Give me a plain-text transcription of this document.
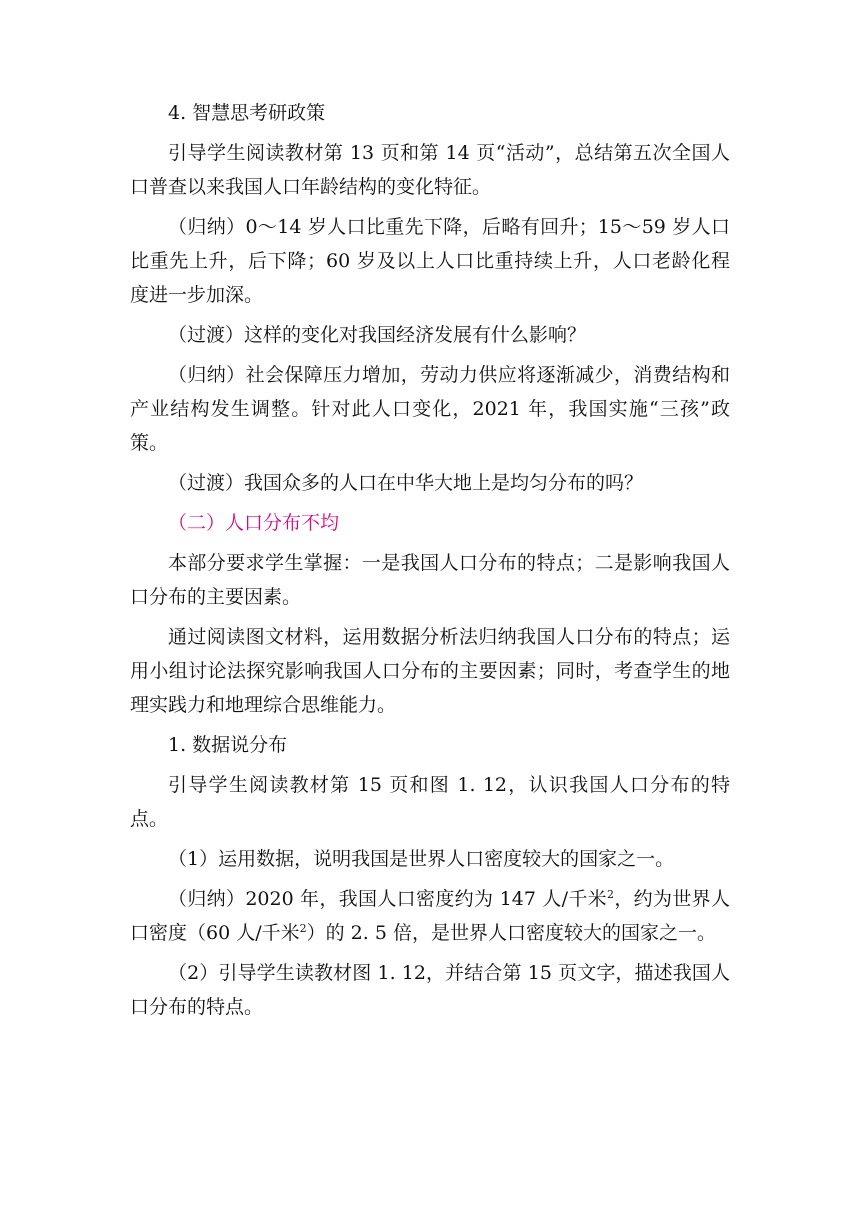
4. 智慧思考研政策

引导学生阅读教材第 13 页和第 14 页“活动”，总结第五次全国人口普查以来我国人口年龄结构的变化特征。

（归纳）0～14 岁人口比重先下降，后略有回升；15～59 岁人口比重先上升，后下降；60 岁及以上人口比重持续上升，人口老龄化程度进一步加深。

（过渡）这样的变化对我国经济发展有什么影响？

（归纳）社会保障压力增加，劳动力供应将逐渐减少，消费结构和产业结构发生调整。针对此人口变化，2021 年，我国实施“三孩”政策。

（过渡）我国众多的人口在中华大地上是均匀分布的吗？

（二）人口分布不均

本部分要求学生掌握：一是我国人口分布的特点；二是影响我国人口分布的主要因素。

通过阅读图文材料，运用数据分析法归纳我国人口分布的特点；运用小组讨论法探究影响我国人口分布的主要因素；同时，考查学生的地理实践力和地理综合思维能力。

1. 数据说分布

引导学生阅读教材第 15 页和图 1. 12，认识我国人口分布的特点。

（1）运用数据，说明我国是世界人口密度较大的国家之一。

（归纳）2020 年，我国人口密度约为 147 人/千米$^2$，约为世界人口密度（60 人/千米$^2$）的 2. 5 倍，是世界人口密度较大的国家之一。

（2）引导学生读教材图 1. 12，并结合第 15 页文字，描述我国人口分布的特点。
